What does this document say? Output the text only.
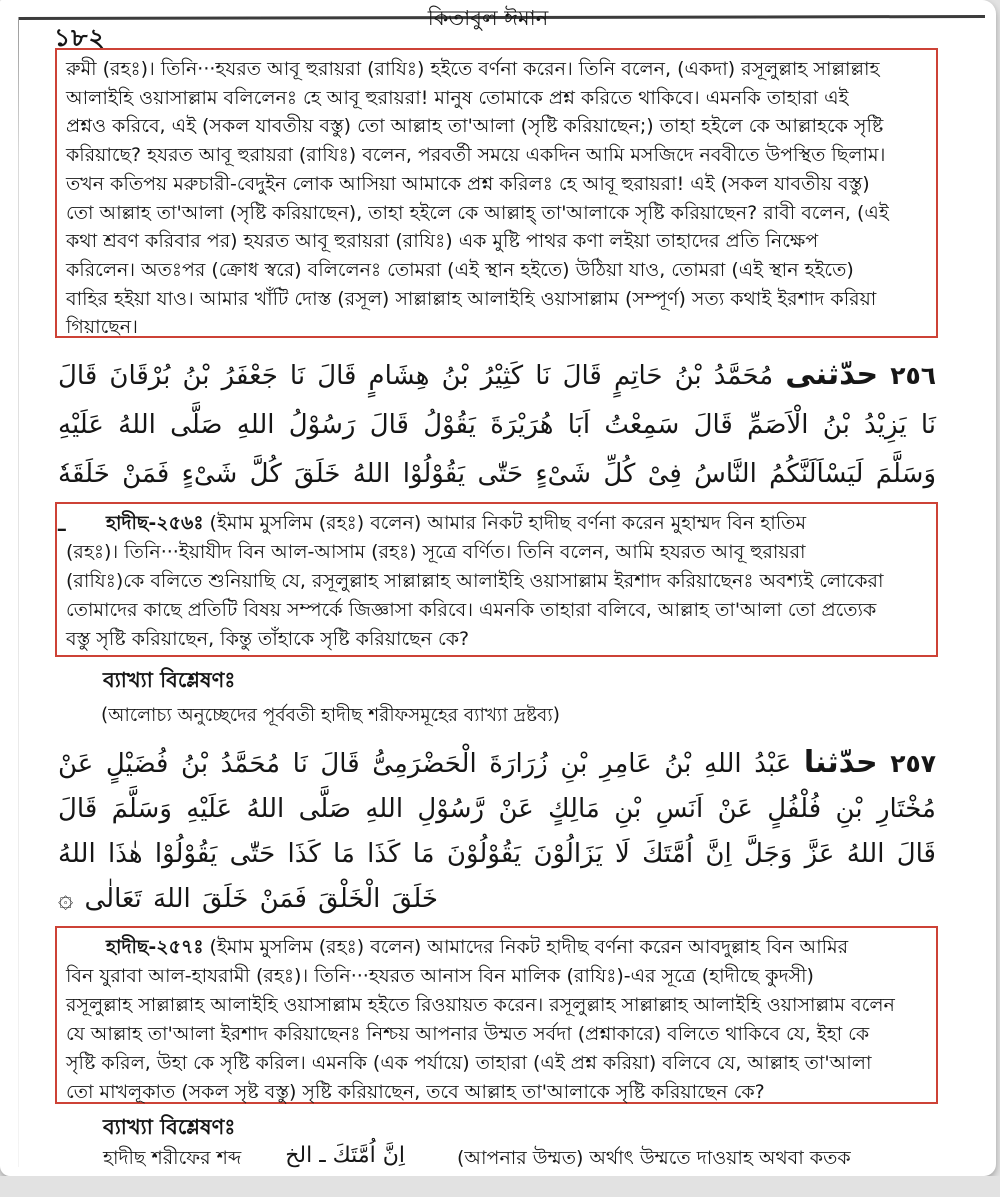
১৮২
কিতাবুল ঈমান
রুমী (রহঃ)। তিনি···হযরত আবূ হুরায়রা (রাযিঃ) হইতে বর্ণনা করেন। তিনি বলেন, (একদা) রসূলুল্লাহ সাল্লাল্লাহ
আলাইহি ওয়াসাল্লাম বলিলেনঃ হে আবূ হুরায়রা! মানুষ তোমাকে প্রশ্ন করিতে থাকিবে। এমনকি তাহারা এই
প্রশ্নও করিবে, এই (সকল যাবতীয় বস্তু) তো আল্লাহ তা'আলা (সৃষ্টি করিয়াছেন;) তাহা হইলে কে আল্লাহকে সৃষ্টি
করিয়াছে? হযরত আবূ হুরায়রা (রাযিঃ) বলেন, পরবর্তী সময়ে একদিন আমি মসজিদে নববীতে উপস্থিত ছিলাম।
তখন কতিপয় মরুচারী-বেদুইন লোক আসিয়া আমাকে প্রশ্ন করিলঃ হে আবূ হুরায়রা! এই (সকল যাবতীয় বস্তু)
তো আল্লাহ তা'আলা (সৃষ্টি করিয়াছেন), তাহা হইলে কে আল্লাহ্‌ তা'আলাকে সৃষ্টি করিয়াছেন? রাবী বলেন, (এই
কথা শ্রবণ করিবার পর) হযরত আবূ হুরায়রা (রাযিঃ) এক মুষ্টি পাথর কণা লইয়া তাহাদের প্রতি নিক্ষেপ
করিলেন। অতঃপর (ক্রোধ স্বরে) বলিলেনঃ তোমরা (এই স্থান হইতে) উঠিয়া যাও, তোমরা (এই স্থান হইতে)
বাহির হইয়া যাও। আমার খাঁটি দোস্ত (রসূল) সাল্লাল্লাহ আলাইহি ওয়াসাল্লাম (সম্পূর্ণ) সত্য কথাই ইরশাদ করিয়া
গিয়াছেন।
٢٥٦ حدّثنى مُحَمَّدُ بْنُ حَاتِمٍ قَالَ نَا كَثِيْرُ بْنُ هِشَامٍ قَالَ نَا جَعْفَرُ بْنُ بُرْقَانَ قَالَ نَا يَزِيْدُ بْنُ الْاَصَمِّ قَالَ سَمِعْتُ اَبَا هُرَيْرَةَ يَقُوْلُ قَالَ رَسُوْلُ اللهِ صَلَّى اللهُ عَلَيْهِ وَسَلَّمَ لَيَسْاَلَنَّكُمُ النَّاسُ فِىْ كُلِّ شَىْءٍ حَتّٰى يَقُوْلُوْا اللهُ خَلَقَ كُلَّ شَىْءٍ فَمَنْ خَلَقَهٗ ـ	হাদীছ-২৫৬ঃ (ইমাম মুসলিম (রহঃ) বলেন) আমার নিকট হাদীছ বর্ণনা করেন মুহাম্মদ বিন হাতিম
(রহঃ)। তিনি···ইয়াযীদ বিন আল-আসাম (রহঃ) সূত্রে বর্ণিত। তিনি বলেন, আমি হযরত আবূ হুরায়রা
(রাযিঃ)কে বলিতে শুনিয়াছি যে, রসূলুল্লাহ সাল্লাল্লাহ আলাইহি ওয়াসাল্লাম ইরশাদ করিয়াছেনঃ অবশ্যই লোকেরা
তোমাদের কাছে প্রতিটি বিষয় সম্পর্কে জিজ্ঞাসা করিবে। এমনকি তাহারা বলিবে, আল্লাহ তা'আলা তো প্রত্যেক
বস্তু সৃষ্টি করিয়াছেন, কিন্তু তাঁহাকে সৃষ্টি করিয়াছেন কে?
ব্যাখ্যা বিশ্লেষণঃ
(আলোচ্য অনুচ্ছেদের পূর্ববতী হাদীছ শরীফসমূহের ব্যাখ্যা দ্রষ্টব্য)
٢٥٧ حدّثنا عَبْدُ اللهِ بْنُ عَامِرِ بْنِ زُرَارَةَ الْحَضْرَمِىُّ قَالَ نَا مُحَمَّدُ بْنُ فُضَيْلٍ عَنْ مُخْتَارِ بْنِ فُلْفُلٍ عَنْ اَنَسِ بْنِ مَالِكٍ عَنْ رَّسُوْلِ اللهِ صَلَّى اللهُ عَلَيْهِ وَسَلَّمَ قَالَ قَالَ اللهُ عَزَّ وَجَلَّ اِنَّ اُمَّتَكَ لَا يَزَالُوْنَ يَقُوْلُوْنَ مَا كَذَا مَا كَذَا حَتّٰى يَقُوْلُوْا هٰذَا اللهُ خَلَقَ الْخَلْقَ فَمَنْ خَلَقَ اللهَ تَعَالٰى ۞
হাদীছ-২৫৭ঃ (ইমাম মুসলিম (রহঃ) বলেন) আমাদের নিকট হাদীছ বর্ণনা করেন আবদুল্লাহ বিন আমির
বিন যুরাবা আল-হাযরামী (রহঃ)। তিনি···হযরত আনাস বিন মালিক (রাযিঃ)-এর সূত্রে (হাদীছে কুদসী)
রসূলুল্লাহ সাল্লাল্লাহ আলাইহি ওয়াসাল্লাম হইতে রিওয়ায়ত করেন। রসূলুল্লাহ সাল্লাল্লাহ আলাইহি ওয়াসাল্লাম বলেন
যে আল্লাহ তা'আলা ইরশাদ করিয়াছেনঃ নিশ্চয় আপনার উম্মত সর্বদা (প্রশ্নাকারে) বলিতে থাকিবে যে, ইহা কে
সৃষ্টি করিল, উহা কে সৃষ্টি করিল। এমনকি (এক পর্যায়ে) তাহারা (এই প্রশ্ন করিয়া) বলিবে যে, আল্লাহ তা'আলা
তো মাখলূকাত (সকল সৃষ্ট বস্তু) সৃষ্টি করিয়াছেন, তবে আল্লাহ তা'আলাকে সৃষ্টি করিয়াছেন কে?
ব্যাখ্যা বিশ্লেষণঃ
হাদীছ শরীফের শব্দ اِنَّ اُمَّتَكَ ـ الخ	(আপনার উম্মত) অর্থাৎ উম্মতে দাওয়াহ অথবা কতক
